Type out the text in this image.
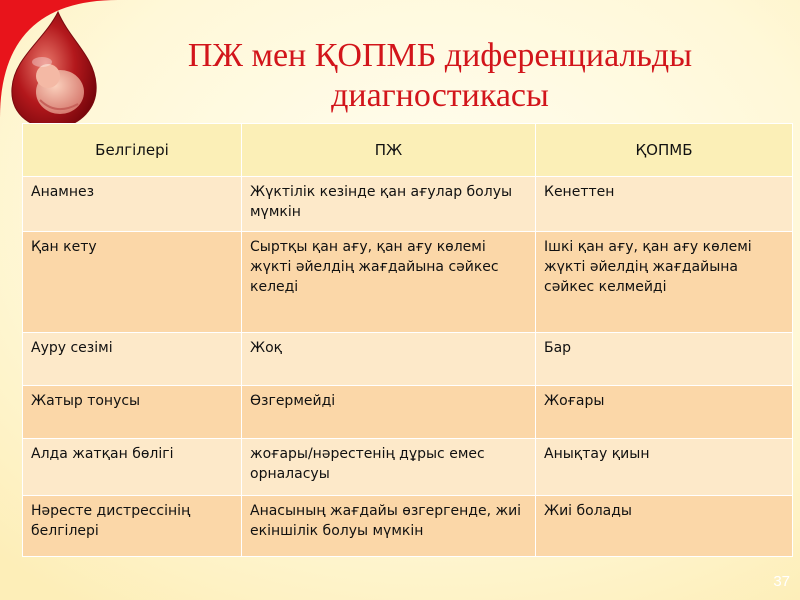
ПЖ мен ҚОПМБ диференциальды
диагностикасы
Белгілері	ПЖ	ҚОПМБ
Анамнез	Жүктілік кезінде қан ағулар болуы мүмкін	Кенеттен
Қан кету	Сыртқы қан ағу, қан ағу көлемі жүкті әйелдің жағдайына сәйкес келеді	Ішкі қан ағу, қан ағу көлемі жүкті әйелдің жағдайына сәйкес келмейді
Ауру сезімі	Жоқ	Бар
Жатыр тонусы	Өзгермейді	Жоғары
Алда жатқан бөлігі	жоғары/нәрестенің дұрыс емес орналасуы	Анықтау қиын
Нәресте дистрессінің белгілері	Анасының жағдайы өзгергенде, жиі екіншілік болуы мүмкін	Жиі болады
37
